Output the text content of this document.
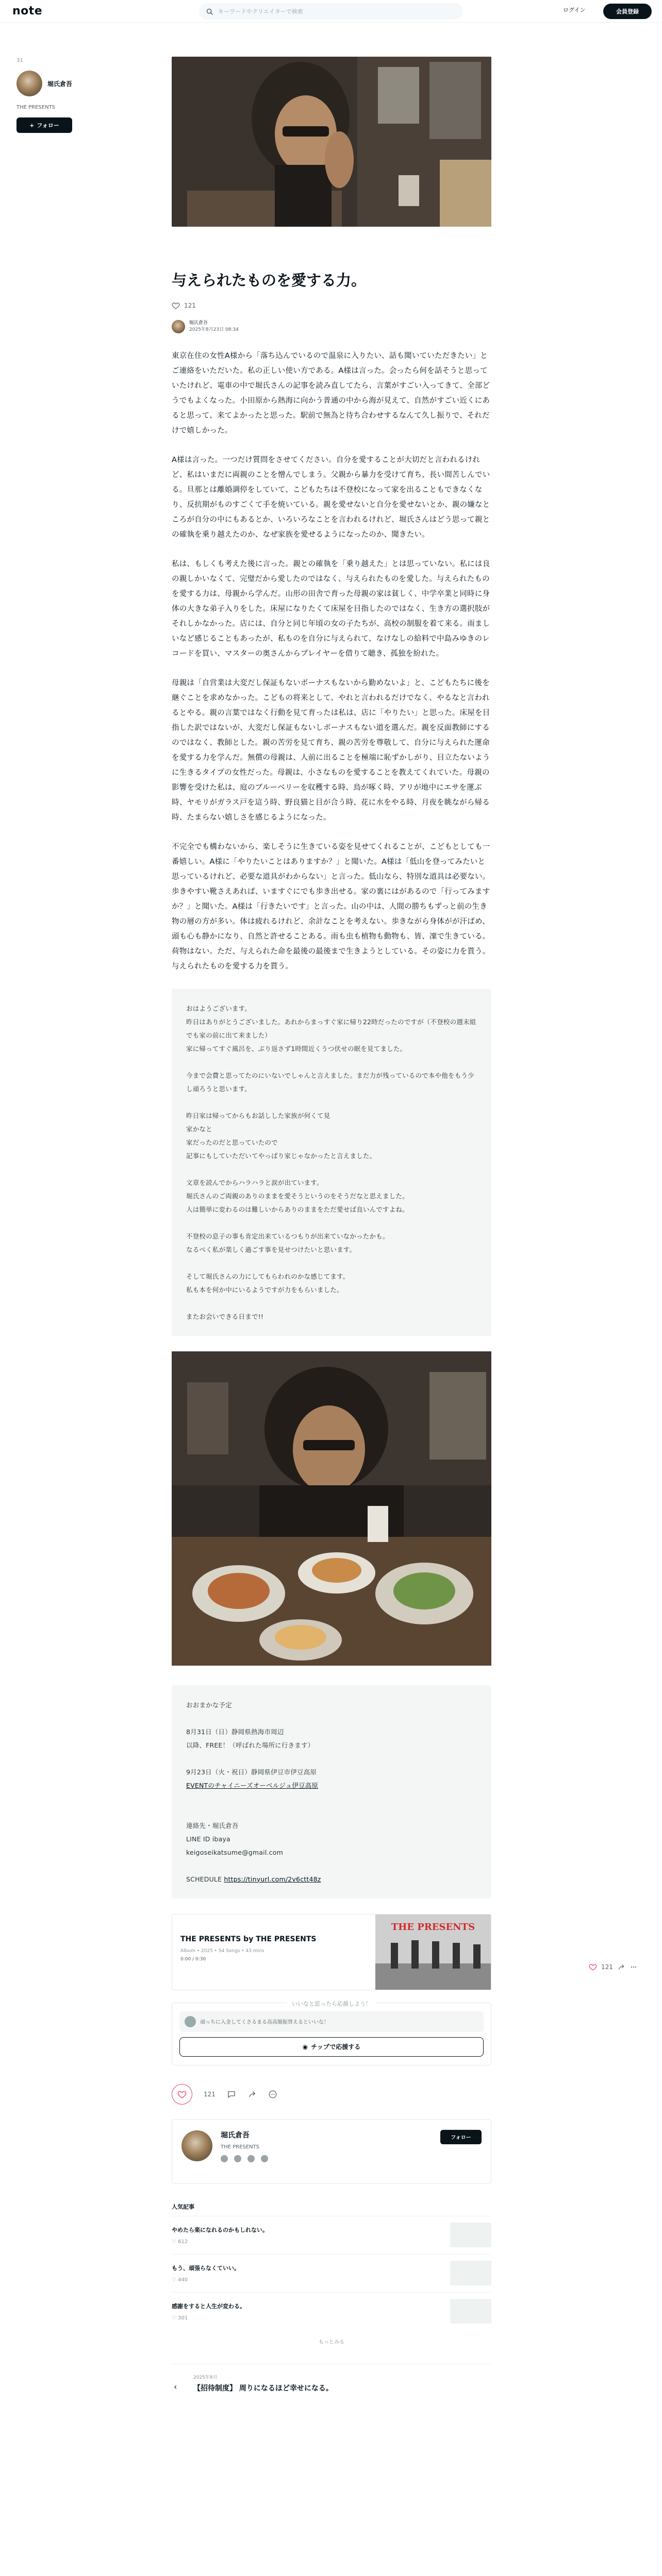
note
キーワードやクリエイターで検索	ログイン	会員登録
31
堀氏倉吾
THE PRESENTS
+ フォロー
与えられたものを愛する力。
121
堀氏倉吾
2025年8月23日 08:34

東京在住の女性A様から「落ち込んでいるので温泉に入りたい、話も聞いていただきたい」とご連絡をいただいた。私の正しい使い方である。A様は言った。会ったら何を話そうと思っていたけれど、電車の中で堀氏さんの記事を読み直してたら、言葉がすごい入ってきて、全部どうでもよくなった。小田原から熱海に向かう普通の中から海が見えて、自然がすごい近くにあると思って、来てよかったと思った。駅前で無為と待ち合わせするなんて久し振りで、それだけで嬉しかった。

A様は言った。一つだけ質問をさせてください。自分を愛することが大切だと言われるけれど、私はいまだに両親のことを憎んでしまう。父親から暴力を受けて育ち、長い間苦しんでいる。旦那とは離婚調停をしていて、こどもたちは不登校になって家を出ることもできなくなり、反抗期がものすごくて手を焼いている。親を愛せないと自分を愛せないとか、親の嫌なところが自分の中にもあるとか、いろいろなことを言われるけれど、堀氏さんはどう思って親との確執を乗り越えたのか、なぜ家族を愛せるようになったのか、聞きたい。

私は、もしくも考えた後に言った。親との確執を「乗り越えた」とは思っていない。私には良の親しかいなくて、完璧だから愛したのではなく、与えられたものを愛した。与えられたものを愛する力は、母親から学んだ。山形の田舎で育った母親の家は貧しく、中学卒業と同時に身体の大きな弟子入りをした。床屋になりたくて床屋を目指したのではなく、生き方の選択肢がそれしかなかった。店には、自分と同じ年頃の女の子たちが、高校の制服を着て来る。雨ましいなど感じることもあったが、私ものを自分に与えられて、なけなしの給料で中島みゆきのレコードを買い、マスターの奥さんからプレイヤーを借りて聴き、孤独を紛れた。

母親は「自営業は大変だし保証もないボーナスもないから勤めないよ」と、こどもたちに後を継ぐことを求めなかった。こどもの将来として、やれと言われるだけでなく、やるなと言われるとやる。親の言葉ではなく行動を見て育ったは私は、店に「やりたい」と思った。床屋を目指した訳ではないが、大変だし保証もないしボーナスもない道を選んだ。親を反面教師にするのではなく、教師とした。親の苦労を見て育ち、親の苦労を尊敬して、自分に与えられた運命を愛する力を学んだ。無償の母親は、人前に出ることを極端に恥ずかしがり、目立たないように生きるタイプの女性だった。母親は、小さなものを愛することを教えてくれていた。母親の影響を受けた私は、庭のブルーベリーを収穫する時、鳥が啄く時、アリが地中にエサを運ぶ時、ヤモリがガラス戸を這う時、野良猫と目が合う時、花に水をやる時、月夜を眺ながら帰る時、たまらない嬉しさを感じるようになった。

不完全でも構わないから、楽しそうに生きている姿を見せてくれることが、こどもとしても一番嬉しい。A様に「やりたいことはありますか？」と聞いた。A様は「低山を登ってみたいと思っているけれど、必要な道具がわからない」と言った。低山なら、特別な道具は必要ない。歩きやすい靴さえあれば、いますぐにでも歩き出せる。家の裏にはがあるので「行ってみますか？」と聞いた。A様は「行きたいです」と言った。山の中は、人間の勝ちもずっと前の生き物の層の方が多い。体は疲れるけれど、余計なことを考えない。歩きながら身体がが汗ばめ、頭も心も静かになり、自然と許せることある。雨も虫も植物も動物も、皆、凜で生きている。荷物はない。ただ、与えられた命を最後の最後まで生きようとしている。その姿に力を貰う。与えられたものを愛する力を貰う。

おはようございます。

昨日はありがとうございました。あれからまっすぐ家に帰り22時だったのですが（不登校の週末組でも家の前に出て来ました）

家に帰ってすぐ風呂を、ぶり返さず1時間近くうつ伏せの眠を見てました。

今まで会費と思ってたのにいないでしゃんと言えました。まだ力が残っているので本や他をもう少し頑ろうと思います。

昨日家は帰ってからもお話しした家族が何くて見

家かなと

家だったのだと思っていたので

記事にもしていただいてやっぱり家じゃなかったと言えました。

文章を読んでからハラハラと涙が出ています。

堀氏さんのご両親のありのままを愛そうというのをそうだなと思えました。

人は簡単に変わるのは難しいからありのままをただ愛せば良いんですよね。

不登校の息子の事も肯定出来ているつもりが出来ていなかったかも。

なるべく私が楽しく過ごす事を見せつけたいと思います。

そして堀氏さんの力にしてもらわれのかな感じてます。

私も本を何か中にいるようですが力をもらいました。

またお会いできる日まで!!

おおまかな予定

8月31日（日）静岡県熱海市周辺

以降、FREE！（呼ばれた場所に行きます）

9月23日（火・祝日）静岡県伊豆市伊豆高原

EVENTのチャイニーズオーベルジュ伊豆高原

連絡先・堀氏倉吾

LINE ID ibaya

keigoseikatsume@gmail.com

SCHEDULE https://tinyurl.com/2v6ctt48z

THE PRESENTS by THE PRESENTS
Album • 2025 • 54 Songs • 43 mins
0:00 / 0:30
THE PRESENTS
いいなと思ったら応援しよう！
頑っちに入金してくさるまる高高額振替えるといいな！
◉ チップで応援する
121
堀氏倉吾
THE PRESENTS
フォロー
人気記事
やめたら楽になれるのかもしれない。
♡ 612
もう、頑張らなくていい。
♡ 440
感謝をすると人生が変わる。
♡ 301
もっとみる
‹
2025年8月
【招待制度】 周りになるほど幸せになる。
121
